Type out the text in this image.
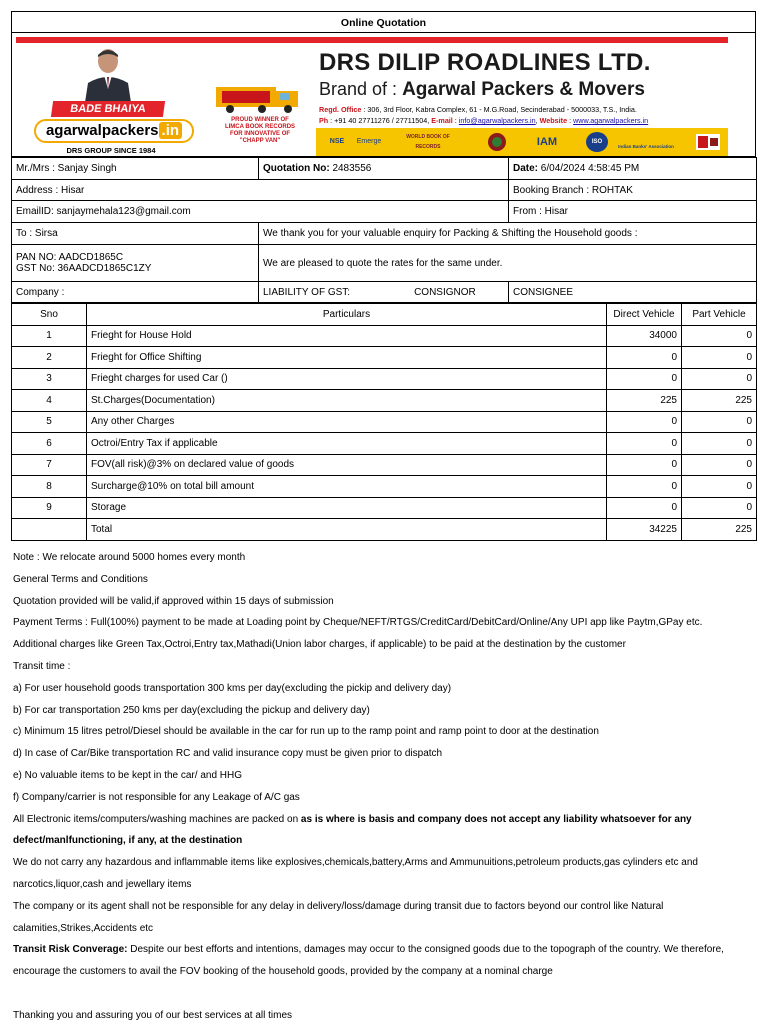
Online Quotation
BADE BHAIYA
agarwalpackers .in
DRS GROUP SINCE 1984
PROUD WINNER OF
LIMCA BOOK RECORDS
FOR INNOVATIVE OF
"CHAPP VAN"
DRS DILIP ROADLINES LTD.
Brand of : Agarwal Packers & Movers
Regd. Office : 306, 3rd Floor, Kabra Complex, 61 - M.G.Road, Secinderabad - 5000033, T.S., India.
Ph : +91 40 27711276 / 27711504, E-mail : info@agarwalpackers.in, Website : www.agarwalpackers.in
NSE	Emerge
WORLD BOOK OF RECORDS	IAM	ISO
Indian Banks' Association
Mr./Mrs : Sanjay Singh	Quotation No: 2483556	Date: 6/04/2024 4:58:45 PM
Address : Hisar		Booking Branch : ROHTAK
EmailID: sanjaymehala123@gmail.com		From : Hisar
To : Sirsa	We thank you for your valuable enquiry for Packing & Shifting the Household goods :	

PAN NO: AADCD1865C
GST No: 36AADCD1865C1ZY	We are pleased to quote the rates for the same under.	
Company :	LIABILITY OF GST: CONSIGNOR	CONSIGNEE
Sno	Particulars	Direct Vehicle	Part Vehicle
1	Frieght for House Hold	34000	0
2	Frieght for Office Shifting	0	0
3	Frieght charges for used Car ()	0	0
4	St.Charges(Documentation)	225	225
5	Any other Charges	0	0
6	Octroi/Entry Tax if applicable	0	0
7	FOV(all risk)@3% on declared value of goods	0	0
8	Surcharge@10% on total bill amount	0	0
9	Storage	0	0
	Total	34225	225
Note : We relocate around 5000 homes every month
General Terms and Conditions
Quotation provided will be valid,if approved within 15 days of submission
Payment Terms : Full(100%) payment to be made at Loading point by Cheque/NEFT/RTGS/CreditCard/DebitCard/Online/Any UPI app like Paytm,GPay etc.
Additional charges like Green Tax,Octroi,Entry tax,Mathadi(Union labor charges, if applicable) to be paid at the destination by the customer
Transit time :
a) For user household goods transportation 300 kms per day(excluding the pickip and delivery day)
b) For car transportation 250 kms per day(excluding the pickup and delivery day)
c) Minimum 15 litres petrol/Diesel should be available in the car for run up to the ramp point and ramp point to door at the destination
d) In case of Car/Bike transportation RC and valid insurance copy must be given prior to dispatch
e) No valuable items to be kept in the car/ and HHG
f) Company/carrier is not responsible for any Leakage of A/C gas
All Electronic items/computers/washing machines are packed on as is where is basis and company does not accept any liability whatsoever for any
defect/manlfunctioning, if any, at the destination
We do not carry any hazardous and inflammable items like explosives,chemicals,battery,Arms and Ammunuitions,petroleum products,gas cylinders etc and
narcotics,liquor,cash and jewellary items
The company or its agent shall not be responsible for any delay in delivery/loss/damage during transit due to factors beyond our control like Natural
calamities,Strikes,Accidents etc
Transit Risk Converage: Despite our best efforts and intentions, damages may occur to the consigned goods due to the topograph of the country. We therefore,
encourage the customers to avail the FOV booking of the household goods, provided by the company at a nominal charge
Thanking you and assuring you of our best services at all times
